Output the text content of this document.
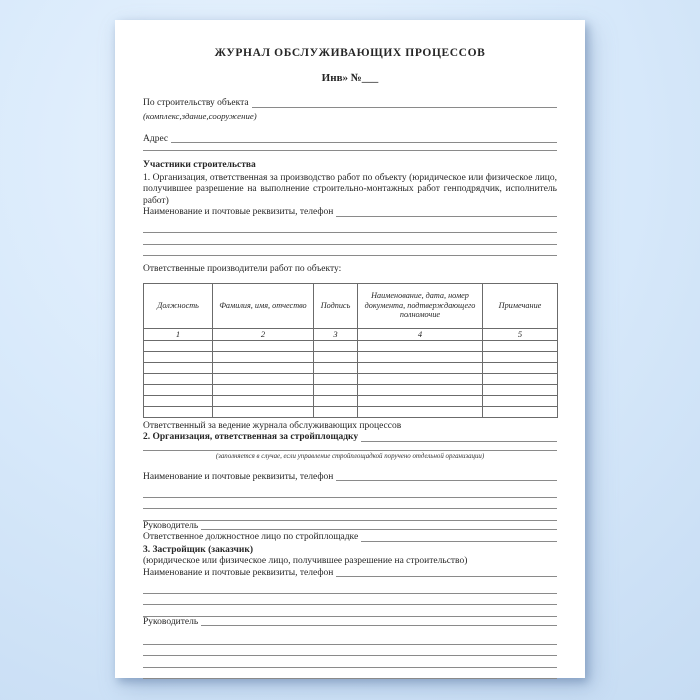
ЖУРНАЛ ОБСЛУЖИВАЮЩИХ ПРОЦЕССОВ
Инв» №___
По строительству объекта
(комплекс,здание,сооружение)
Адрес
Участники строительства
1. Организация, ответственная за производство работ по объекту (юридическое или физическое лицо, получившее разрешение на выполнение строительно-монтажных работ генподрядчик, исполнитель работ)
Наименование и почтовые реквизиты, телефон
Ответственные производители работ по объекту:
Должность	Фамилия, имя, отчество	Подпись	Наименование, дата, номер документа, подтверждающего полномочие	Примечание
1	2	3	4	5

Ответственный за ведение журнала обслуживающих процессов
2. Организация, ответственная за стройплощадку
(заполняется в случае, если управление стройплощадкой поручено отдельной организации)
Наименование и почтовые реквизиты, телефон
Руководитель
Ответственное должностное лицо по стройплощадке
3. Застройщик (заказчик)
(юридическое или физическое лицо, получившее разрешение на строительство)
Наименование и почтовые реквизиты, телефон
Руководитель
